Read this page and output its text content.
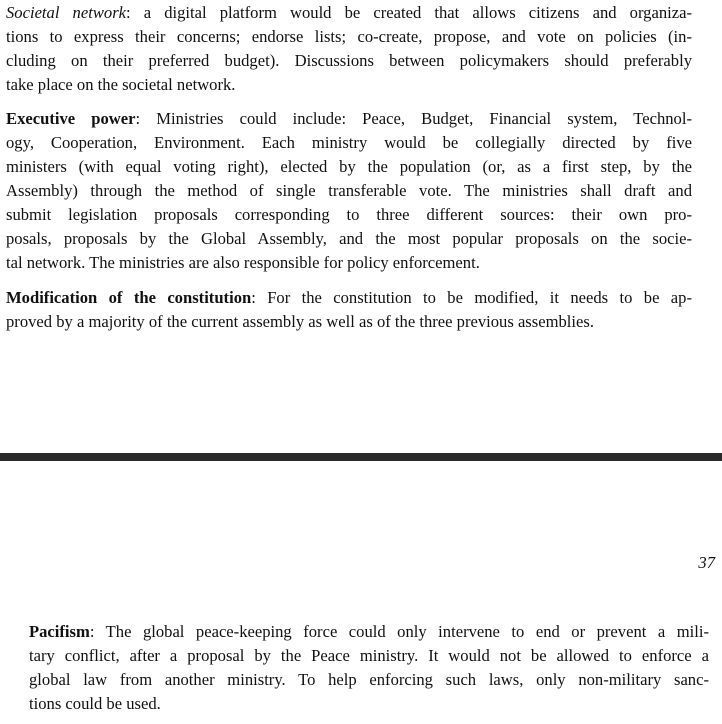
Societal network: a digital platform would be created that allows citizens and organiza-
tions to express their concerns; endorse lists; co-create, propose, and vote on policies (in-
cluding on their preferred budget). Discussions between policymakers should preferably
take place on the societal network.

Executive power: Ministries could include: Peace, Budget, Financial system, Technol-
ogy, Cooperation, Environment. Each ministry would be collegially directed by five
ministers (with equal voting right), elected by the population (or, as a first step, by the
Assembly) through the method of single transferable vote. The ministries shall draft and
submit legislation proposals corresponding to three different sources: their own pro-
posals, proposals by the Global Assembly, and the most popular proposals on the socie-
tal network. The ministries are also responsible for policy enforcement.

Modification of the constitution: For the constitution to be modified, it needs to be ap-
proved by a majority of the current assembly as well as of the three previous assemblies.

37

Pacifism: The global peace-keeping force could only intervene to end or prevent a mili-
tary conflict, after a proposal by the Peace ministry. It would not be allowed to enforce a
global law from another ministry. To help enforcing such laws, only non-military sanc-
tions could be used.
